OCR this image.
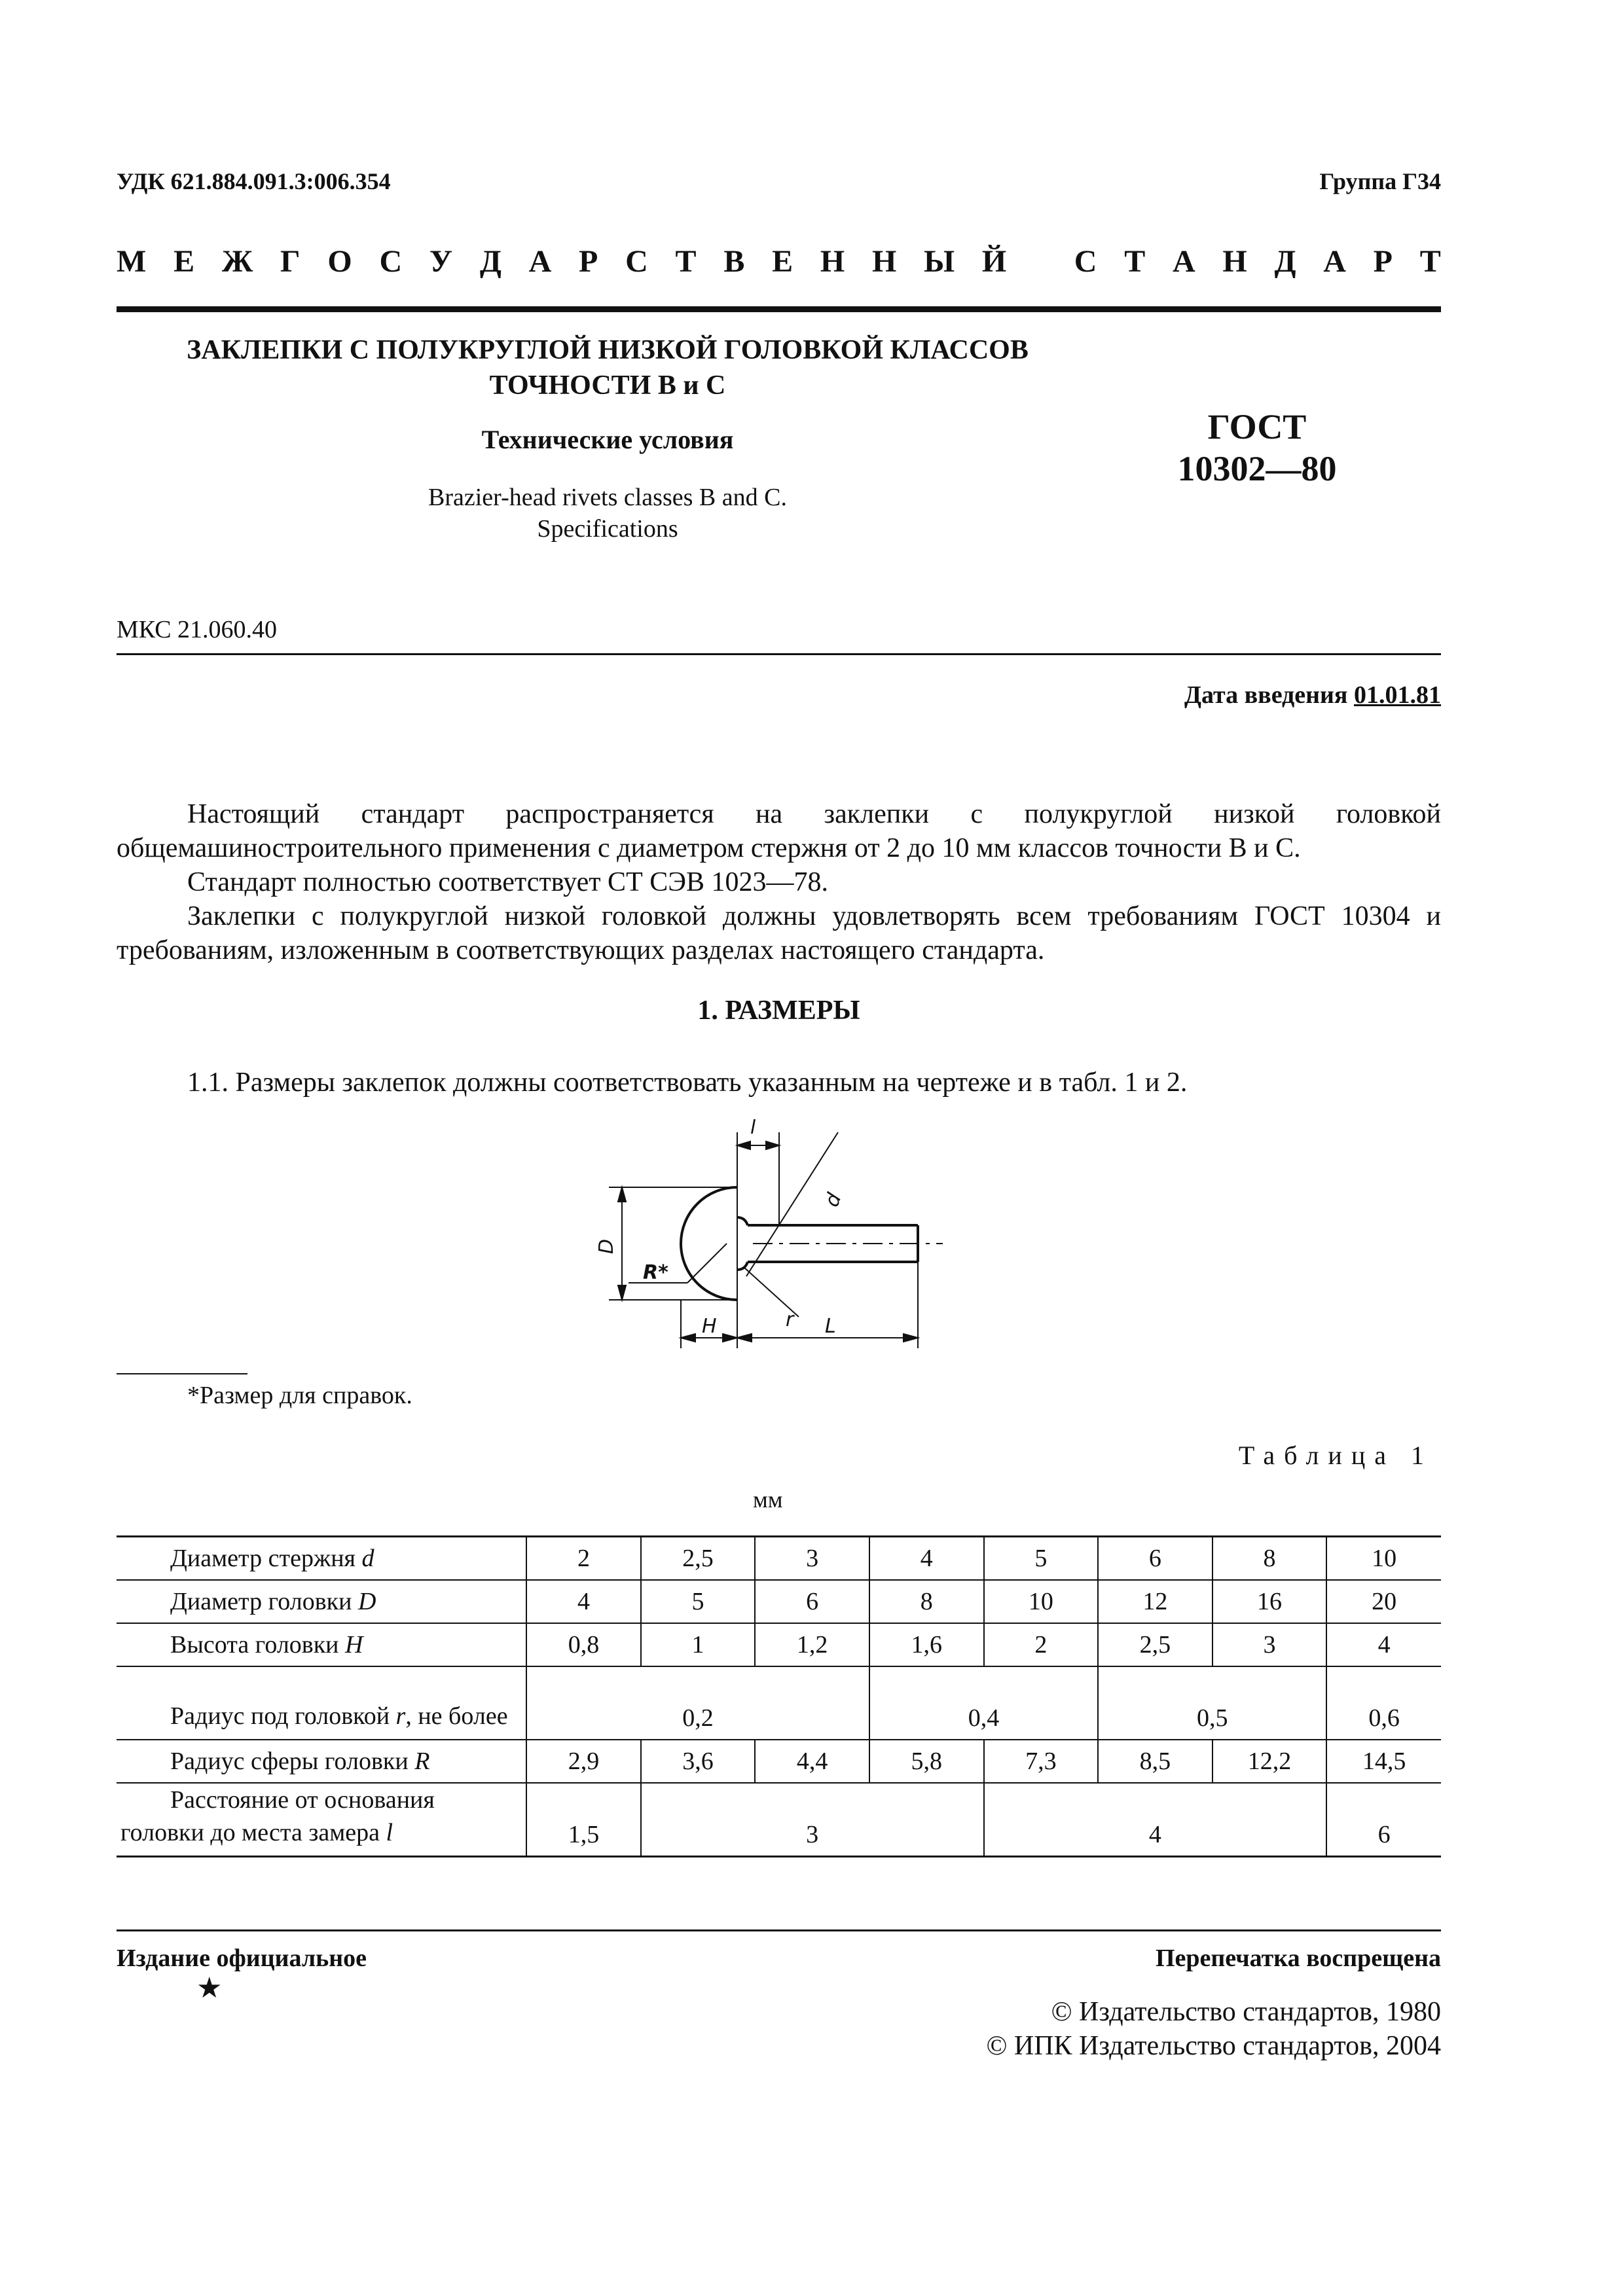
УДК 621.884.091.3:006.354	Группа Г34
М Е Ж Г О С У Д А Р С Т В Е Н Н Ы Й С Т А Н Д А Р Т
ЗАКЛЕПКИ С ПОЛУКРУГЛОЙ НИЗКОЙ ГОЛОВКОЙ КЛАССОВ
ТОЧНОСТИ В и С
Технические условия
Brazier-head rivets classes B and C.
Specifications
ГОСТ
10302—80
МКС 21.060.40
Дата введения 01.01.81
Настоящий стандарт распространяется на заклепки с полукруглой низкой головкой общемашиностроительного применения с диаметром стержня от 2 до 10 мм классов точности В и С.
Стандарт полностью соответствует СТ СЭВ 1023—78.
Заклепки с полукруглой низкой головкой должны удовлетворять всем требованиям ГОСТ 10304 и требованиям, изложенным в соответствующих разделах настоящего стандарта.
1. РАЗМЕРЫ
1.1. Размеры заклепок должны соответствовать указанным на чертеже и в табл. 1 и 2.
l
D
d
R*
r
H	L
*Размер для справок.
Таблица 1
мм
Диаметр стержня d	2	2,5	3	4	5	6	8	10
Диаметр головки D	4	5	6	8	10	12	16	20
Высота головки H	0,8	1	1,2	1,6	2	2,5	3	4
Радиус под головкой r, не более	0,2			0,4		0,5		0,6
Радиус сферы головки R	2,9	3,6	4,4	5,8	7,3	8,5	12,2	14,5
Расстояние от основания головки до места замера l	1,5	3			4			6
Издание официальное
★
Перепечатка воспрещена
© Издательство стандартов, 1980
© ИПК Издательство стандартов, 2004
